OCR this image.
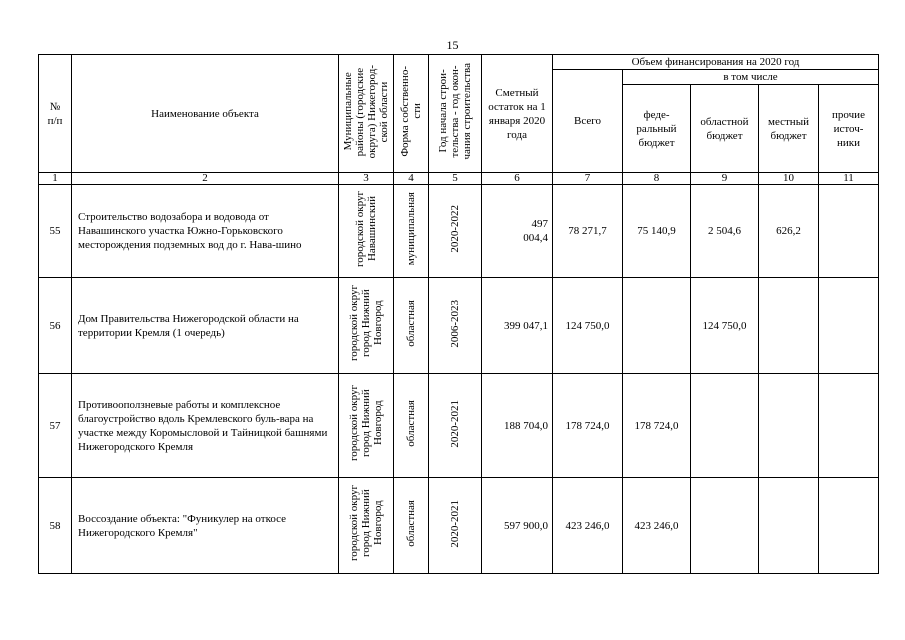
15
№
п/п	Наименование объекта	Муниципальные
районы (городские
округа) Нижегород-
ской области	Форма собственно-
сти	Год начала строи-
тельства - год окон-
чания строительства	Сметный остаток на 1 января 2020 года	Объем финансирования на 2020 год				
						Всего	в том числе			
							феде-
ральный
бюджет	областной
бюджет	местный
бюджет	прочие
источ-
ники
1	2	3	4	5	6	7	8	9	10	11
55	Строительство водозабора и водовода от Навашинского участка Южно-Горьковского месторождения подземных вод до г. Нава-шино	городской округ
Навашинский	муниципальная	2020-2022	497
004,4	78 271,7	75 140,9	2 504,6	626,2	
56	Дом Правительства Нижегородской области на территории Кремля (1 очередь)	городской округ
город Нижний
Новгород	областная	2006-2023	399 047,1	124 750,0		124 750,0		
57	Противооползневые работы и комплексное благоустройство вдоль Кремлевского буль-вара на участке между Коромысловой и Тайницкой башнями Нижегородского Кремля	городской округ
город Нижний
Новгород	областная	2020-2021	188 704,0	178 724,0	178 724,0			
58	Воссоздание объекта: "Фуникулер на откосе Нижегородского Кремля"	городской округ
город Нижний
Новгород	областная	2020-2021	597 900,0	423 246,0	423 246,0			
